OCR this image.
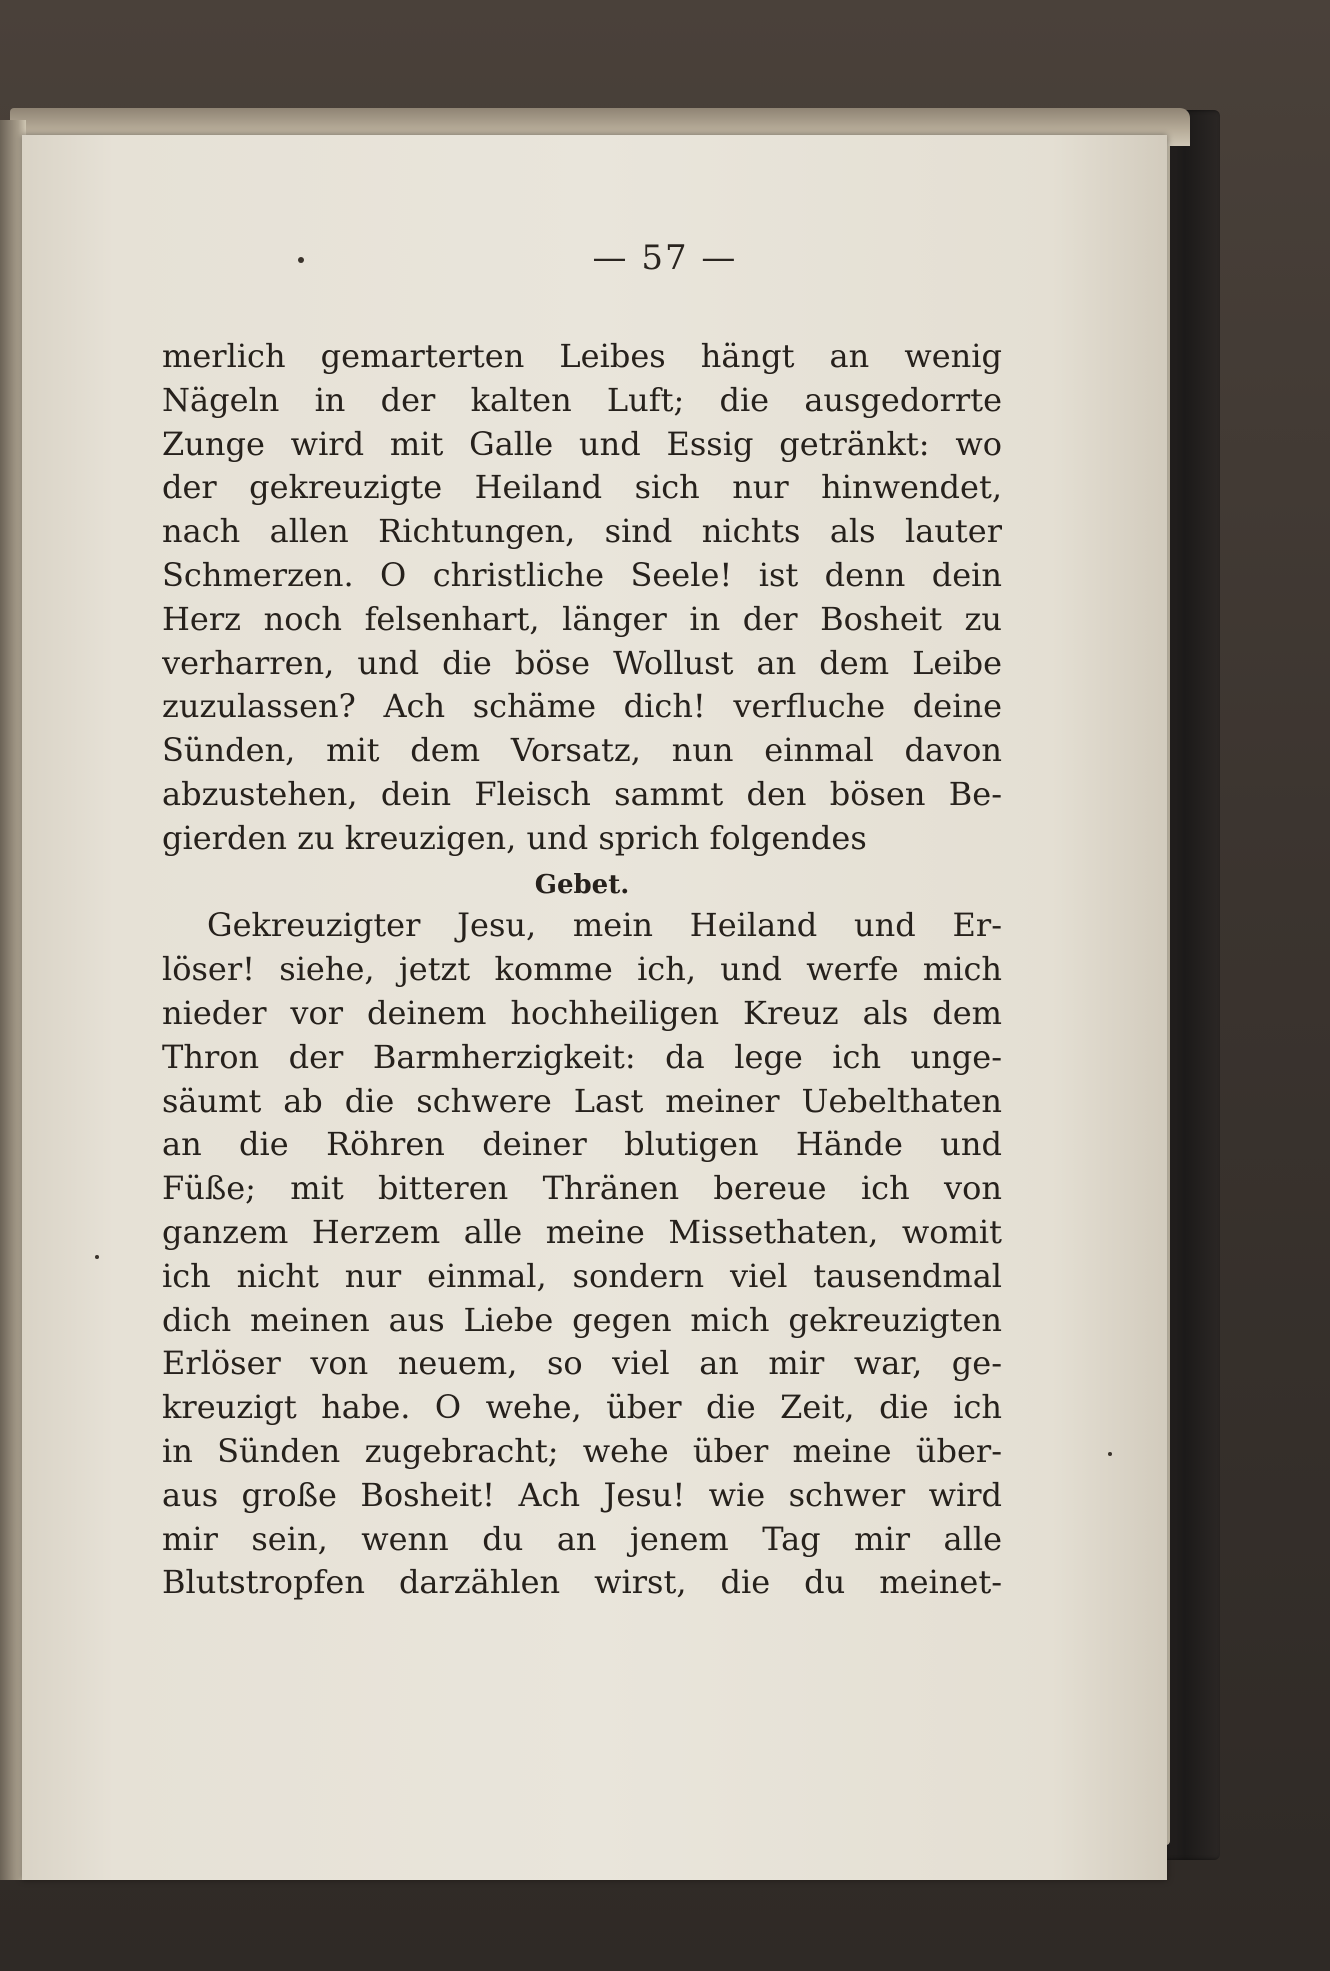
— 57 —
merlich gemarterten Leibes hängt an wenig
Nägeln in der kalten Luft; die ausgedorrte
Zunge wird mit Galle und Essig getränkt: wo
der gekreuzigte Heiland sich nur hinwendet,
nach allen Richtungen, sind nichts als lauter
Schmerzen. O christliche Seele! ist denn dein
Herz noch felsenhart, länger in der Bosheit zu
verharren, und die böse Wollust an dem Leibe
zuzulassen? Ach schäme dich! verfluche deine
Sünden, mit dem Vorsatz, nun einmal davon
abzustehen, dein Fleisch sammt den bösen Be-
gierden zu kreuzigen, und sprich folgendes
Gebet.
Gekreuzigter Jesu, mein Heiland und Er-
löser! siehe, jetzt komme ich, und werfe mich
nieder vor deinem hochheiligen Kreuz als dem
Thron der Barmherzigkeit: da lege ich unge-
säumt ab die schwere Last meiner Uebelthaten
an die Röhren deiner blutigen Hände und
Füße; mit bitteren Thränen bereue ich von
ganzem Herzem alle meine Missethaten, womit
ich nicht nur einmal, sondern viel tausendmal
dich meinen aus Liebe gegen mich gekreuzigten
Erlöser von neuem, so viel an mir war, ge-
kreuzigt habe. O wehe, über die Zeit, die ich
in Sünden zugebracht; wehe über meine über-
aus große Bosheit! Ach Jesu! wie schwer wird
mir sein, wenn du an jenem Tag mir alle
Blutstropfen darzählen wirst, die du meinet-
